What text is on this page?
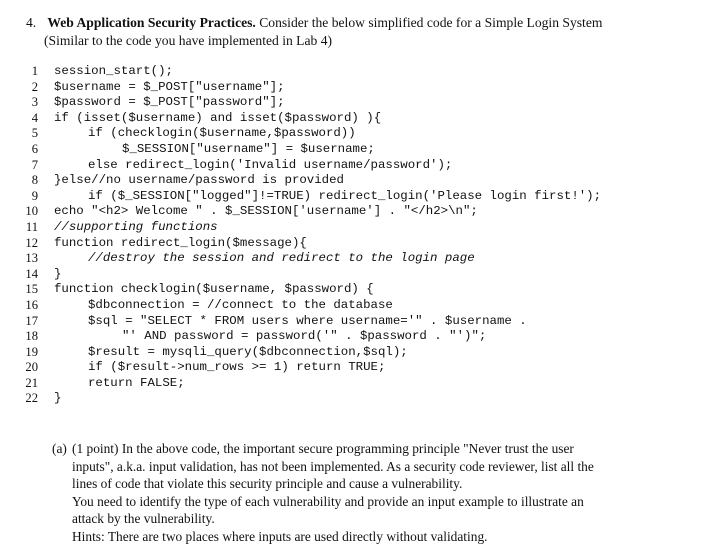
4. Web Application Security Practices. Consider the below simplified code for a Simple Login System
(Similar to the code you have implemented in Lab 4)
1 session_start();
2 $username = $_POST["username"];
3 $password = $_POST["password"];
4 if (isset($username) and isset($password) ){
5	if (checklogin($username,$password))
6	$_SESSION["username"] = $username;
7	else redirect_login('Invalid username/password');
8 }else//no username/password is provided
9	if ($_SESSION["logged"]!=TRUE) redirect_login('Please login first!');
10 echo "<h2> Welcome " . $_SESSION['username'] . "</h2>\n";
11 //supporting functions
12 function redirect_login($message){
13	//destroy the session and redirect to the login page
14 }
15 function checklogin($username, $password) {
16	$dbconnection = //connect to the database
17	$sql = "SELECT * FROM users where username='" . $username .
18	"' AND password = password('" . $password . "')";
19	$result = mysqli_query($dbconnection,$sql);
20	if ($result->num_rows >= 1) return TRUE;
21	return FALSE;
22 }
(a) (1 point) In the above code, the important secure programming principle "Never trust the user
inputs", a.k.a. input validation, has not been implemented. As a security code reviewer, list all the
lines of code that violate this security principle and cause a vulnerability.
You need to identify the type of each vulnerability and provide an input example to illustrate an
attack by the vulnerability.
Hints: There are two places where inputs are used directly without validating.
